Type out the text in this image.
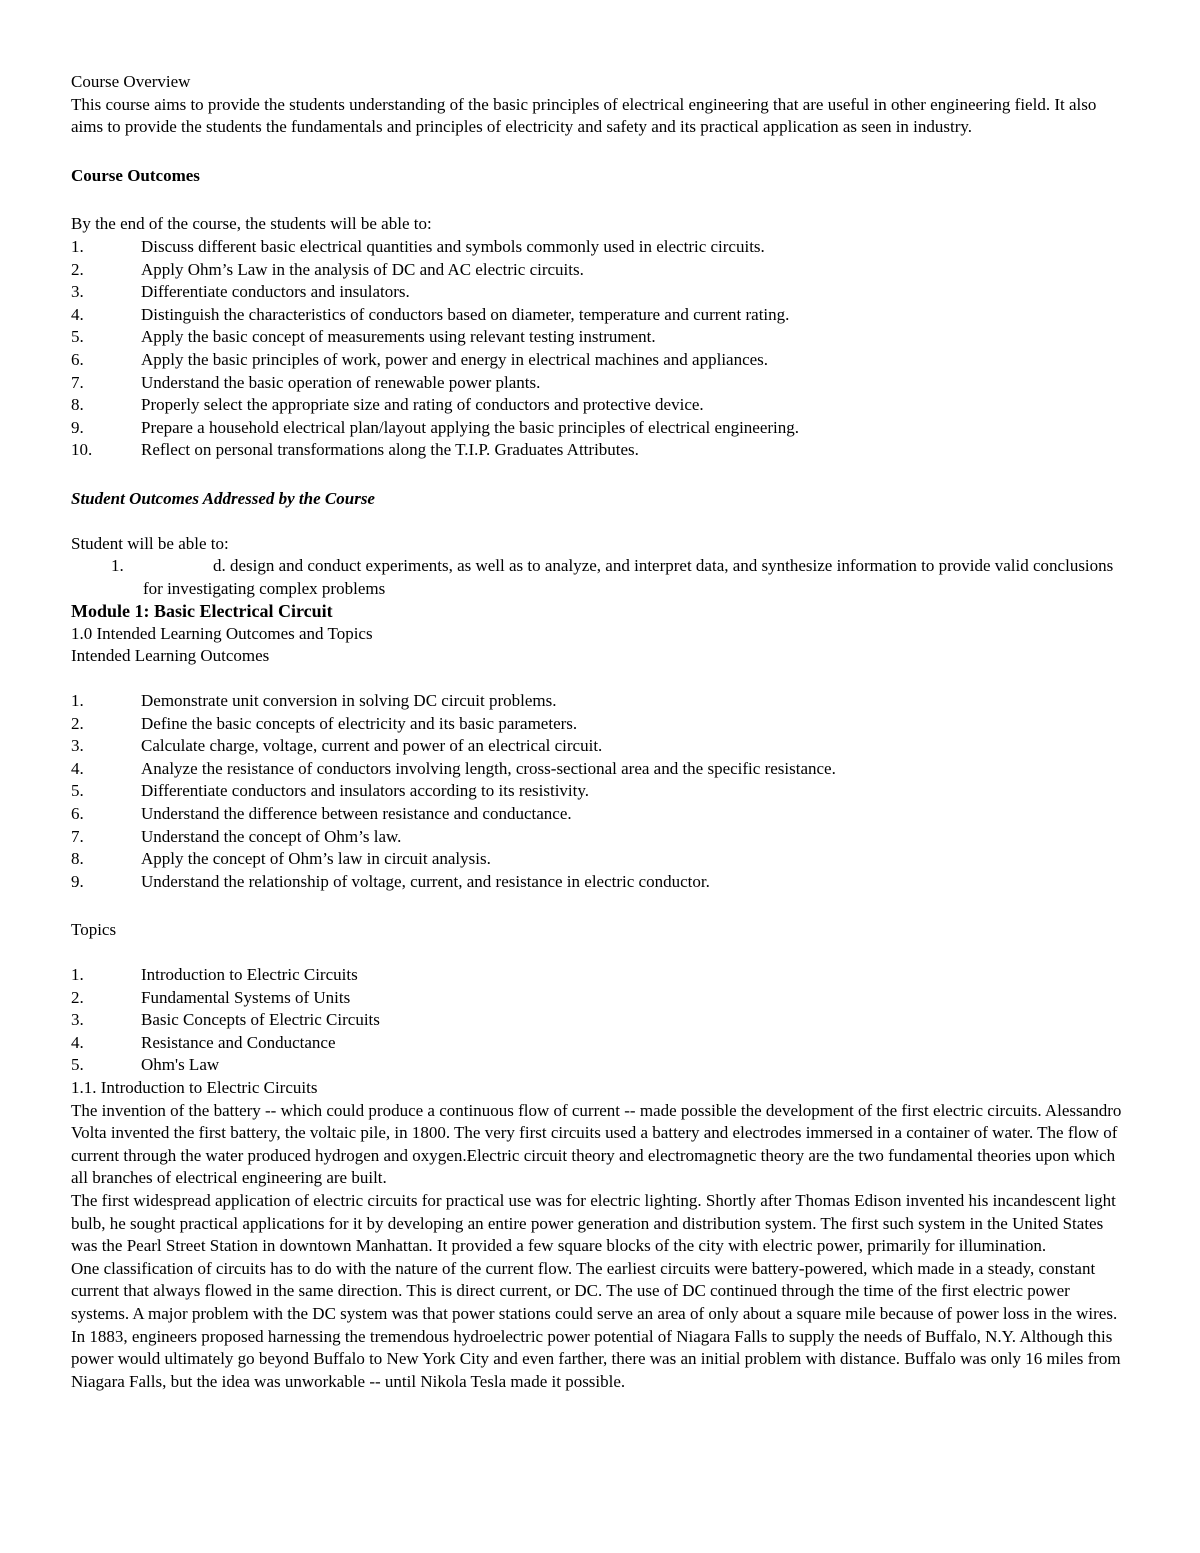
Course Overview

This course aims to provide the students understanding of the basic principles of electrical engineering that are useful in other engineering field. It also aims to provide the students the fundamentals and principles of electricity and safety and its practical application as seen in industry.

Course Outcomes
By the end of the course, the students will be able to:
1.	Discuss different basic electrical quantities and symbols commonly used in electric circuits.
2.	Apply Ohm’s Law in the analysis of DC and AC electric circuits.
3.	Differentiate conductors and insulators.
4.	Distinguish the characteristics of conductors based on diameter, temperature and current rating.
5.	Apply the basic concept of measurements using relevant testing instrument.
6.	Apply the basic principles of work, power and energy in electrical machines and appliances.
7.	Understand the basic operation of renewable power plants.
8.	Properly select the appropriate size and rating of conductors and protective device.
9.	Prepare a household electrical plan/layout applying the basic principles of electrical engineering.
10.	Reflect on personal transformations along the T.I.P. Graduates Attributes.
Student Outcomes Addressed by the Course
Student will be able to:
1.	d. design and conduct experiments, as well as to analyze, and interpret data, and synthesize information to provide valid conclusions for investigating complex problems
Module 1: Basic Electrical Circuit
1.0 Intended Learning Outcomes and Topics
Intended Learning Outcomes
1.	Demonstrate unit conversion in solving DC circuit problems.
2.	Define the basic concepts of electricity and its basic parameters.
3.	Calculate charge, voltage, current and power of an electrical circuit.
4.	Analyze the resistance of conductors involving length, cross-sectional area and the specific resistance.
5.	Differentiate conductors and insulators according to its resistivity.
6.	Understand the difference between resistance and conductance.
7.	Understand the concept of Ohm’s law.
8.	Apply the concept of Ohm’s law in circuit analysis.
9.	Understand the relationship of voltage, current, and resistance in electric conductor.
Topics
1.	Introduction to Electric Circuits
2.	Fundamental Systems of Units
3.	Basic Concepts of Electric Circuits
4.	Resistance and Conductance
5.	Ohm's Law
1.1. Introduction to Electric Circuits

The invention of the battery -- which could produce a continuous flow of current -- made possible the development of the first electric circuits. Alessandro Volta invented the first battery, the voltaic pile, in 1800. The very first circuits used a battery and electrodes immersed in a container of water. The flow of current through the water produced hydrogen and oxygen.Electric circuit theory and electromagnetic theory are the two fundamental theories upon which all branches of electrical engineering are built.

The first widespread application of electric circuits for practical use was for electric lighting. Shortly after Thomas Edison invented his incandescent light bulb, he sought practical applications for it by developing an entire power generation and distribution system. The first such system in the United States was the Pearl Street Station in downtown Manhattan. It provided a few square blocks of the city with electric power, primarily for illumination.

One classification of circuits has to do with the nature of the current flow. The earliest circuits were battery-powered, which made in a steady, constant current that always flowed in the same direction. This is direct current, or DC. The use of DC continued through the time of the first electric power systems. A major problem with the DC system was that power stations could serve an area of only about a square mile because of power loss in the wires.

In 1883, engineers proposed harnessing the tremendous hydroelectric power potential of Niagara Falls to supply the needs of Buffalo, N.Y. Although this power would ultimately go beyond Buffalo to New York City and even farther, there was an initial problem with distance. Buffalo was only 16 miles from Niagara Falls, but the idea was unworkable -- until Nikola Tesla made it possible.
